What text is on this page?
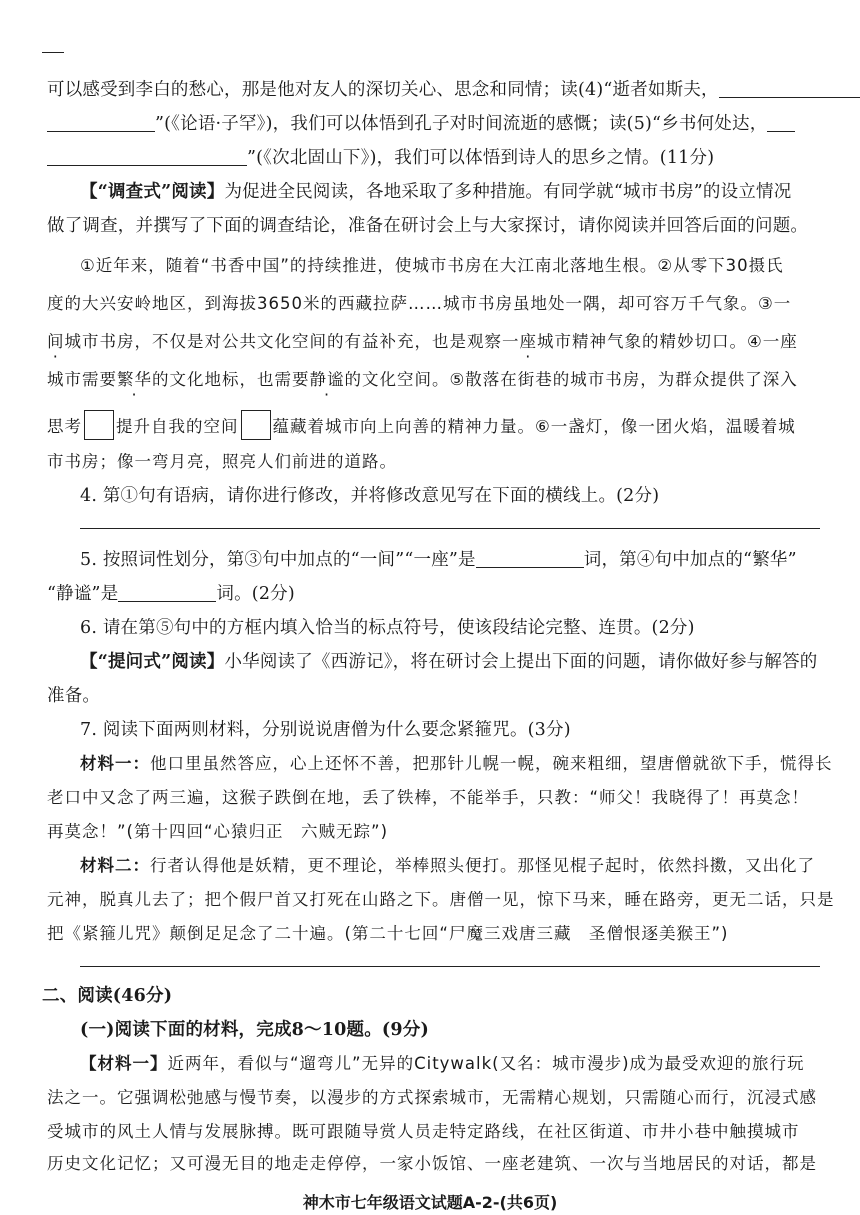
可以感受到李白的愁心，那是他对友人的深切关心、思念和同情；读(4)“逝者如斯夫，
”(《论语·子罕》)，我们可以体悟到孔子对时间流逝的感慨；读(5)“乡书何处达，
”(《次北固山下》)，我们可以体悟到诗人的思乡之情。(11分)
【“调查式”阅读】为促进全民阅读，各地采取了多种措施。有同学就“城市书房”的设立情况
做了调查，并撰写了下面的调查结论，准备在研讨会上与大家探讨，请你阅读并回答后面的问题。
①近年来，随着“书香中国”的持续推进，使城市书房在大江南北落地生根。②从零下30摄氏
度的大兴安岭地区，到海拔3650米的西藏拉萨……城市书房虽地处一隅，却可容万千气象。③一
间城市书房，不仅是对公共文化空间的有益补充，也是观察一座城市精神气象的精妙切口。④一座
城市需要繁华的文化地标，也需要静谧的文化空间。⑤散落在街巷的城市书房，为群众提供了深入
思考 提升自我的空间 蕴藏着城市向上向善的精神力量。⑥一盏灯，像一团火焰，温暖着城
市书房；像一弯月亮，照亮人们前进的道路。
4. 第①句有语病，请你进行修改，并将修改意见写在下面的横线上。(2分)
5. 按照词性划分，第③句中加点的“一间”“一座”是	词，第④句中加点的“繁华”
“静谧”是	词。(2分)
6. 请在第⑤句中的方框内填入恰当的标点符号，使该段结论完整、连贯。(2分)
【“提问式”阅读】小华阅读了《西游记》，将在研讨会上提出下面的问题，请你做好参与解答的
准备。
7. 阅读下面两则材料，分别说说唐僧为什么要念紧箍咒。(3分)
材料一：他口里虽然答应，心上还怀不善，把那针儿幌一幌，碗来粗细，望唐僧就欲下手，慌得长
老口中又念了两三遍，这猴子跌倒在地，丢了铁棒，不能举手，只教：“师父！我晓得了！再莫念！
再莫念！”(第十四回“心猿归正　六贼无踪”)
材料二：行者认得他是妖精，更不理论，举棒照头便打。那怪见棍子起时，依然抖擞，又出化了
元神，脱真儿去了；把个假尸首又打死在山路之下。唐僧一见，惊下马来，睡在路旁，更无二话，只是
把《紧箍儿咒》颠倒足足念了二十遍。(第二十七回“尸魔三戏唐三藏　圣僧恨逐美猴王”)
二、阅读(46分)
(一)阅读下面的材料，完成8～10题。(9分)
【材料一】近两年，看似与“遛弯儿”无异的Citywalk(又名：城市漫步)成为最受欢迎的旅行玩
法之一。它强调松弛感与慢节奏，以漫步的方式探索城市，无需精心规划，只需随心而行，沉浸式感
受城市的风土人情与发展脉搏。既可跟随导赏人员走特定路线，在社区街道、市井小巷中触摸城市
历史文化记忆；又可漫无目的地走走停停，一家小饭馆、一座老建筑、一次与当地居民的对话，都是
神木市七年级语文试题A-2-(共6页)
